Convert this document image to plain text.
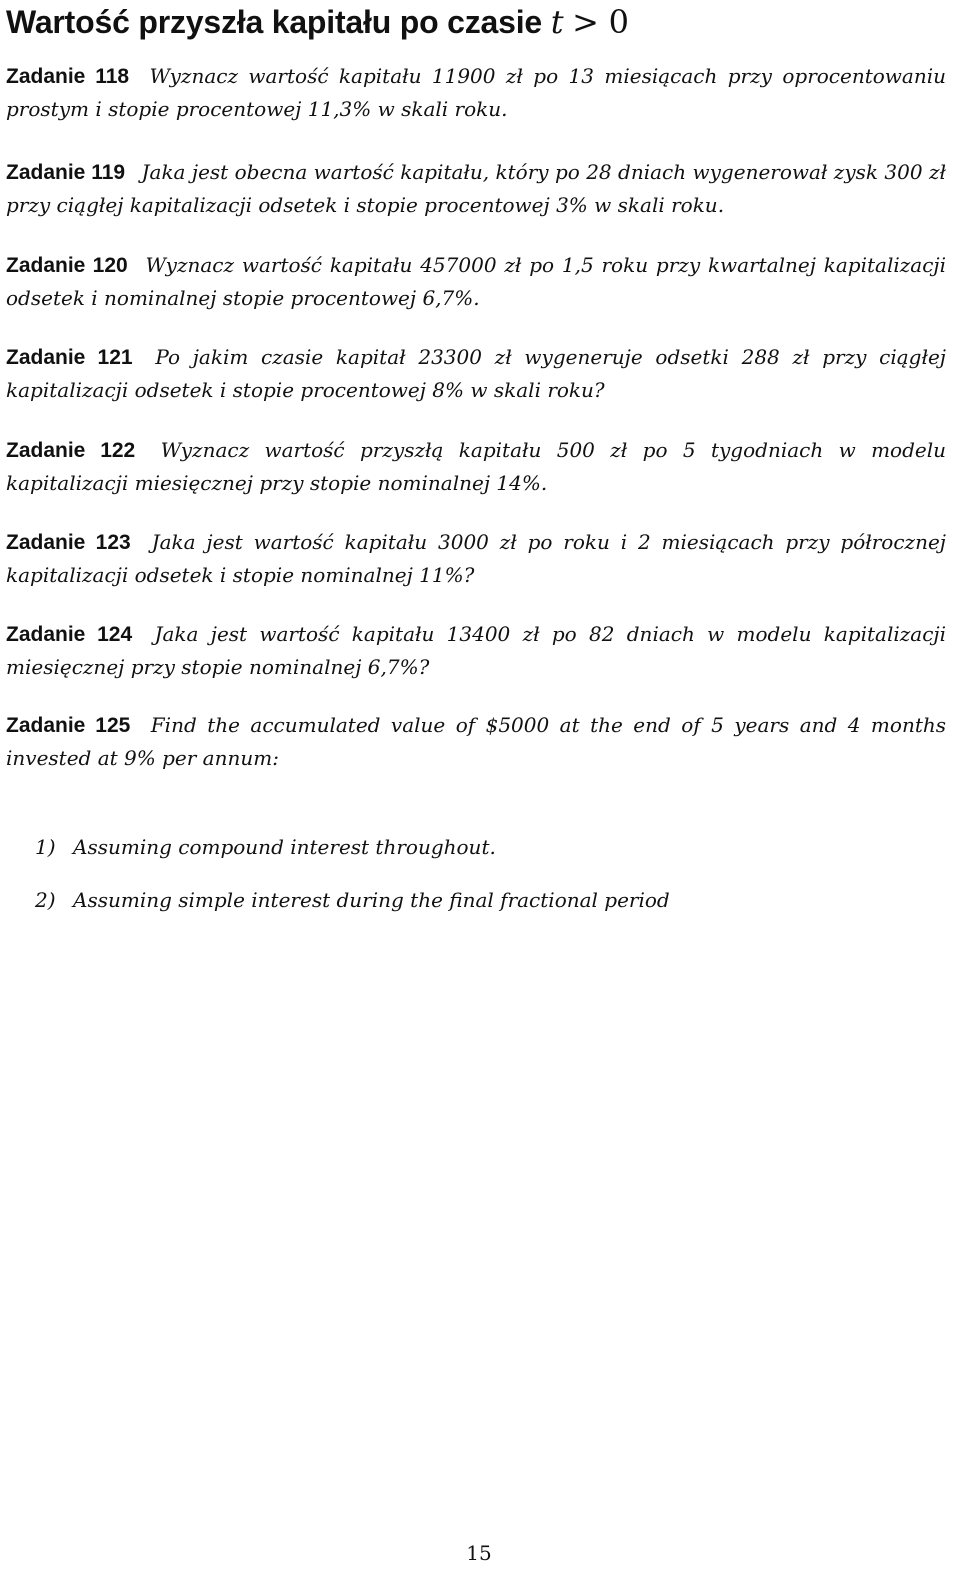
Wartość przyszła kapitału po czasie t > 0

Zadanie 118 Wyznacz wartość kapitału 11900 zł po 13 miesiącach przy oprocentowaniu prostym i stopie procentowej 11,3% w skali roku.

Zadanie 119 Jaka jest obecna wartość kapitału, który po 28 dniach wygenerował zysk 300 zł przy ciągłej kapitalizacji odsetek i stopie procentowej 3% w skali roku.

Zadanie 120 Wyznacz wartość kapitału 457000 zł po 1,5 roku przy kwartalnej kapitalizacji odsetek i nominalnej stopie procentowej 6,7%.

Zadanie 121 Po jakim czasie kapitał 23300 zł wygeneruje odsetki 288 zł przy ciągłej kapitalizacji odsetek i stopie procentowej 8% w skali roku?

Zadanie 122 Wyznacz wartość przyszłą kapitału 500 zł po 5 tygodniach w modelu kapitalizacji miesięcznej przy stopie nominalnej 14%.

Zadanie 123 Jaka jest wartość kapitału 3000 zł po roku i 2 miesiącach przy półrocznej kapitalizacji odsetek i stopie nominalnej 11%?

Zadanie 124 Jaka jest wartość kapitału 13400 zł po 82 dniach w modelu kapitalizacji miesięcznej przy stopie nominalnej 6,7%?

Zadanie 125 Find the accumulated value of $5000 at the end of 5 years and 4 months invested at 9% per annum:

1) Assuming compound interest throughout.
2) Assuming simple interest during the final fractional period
15
